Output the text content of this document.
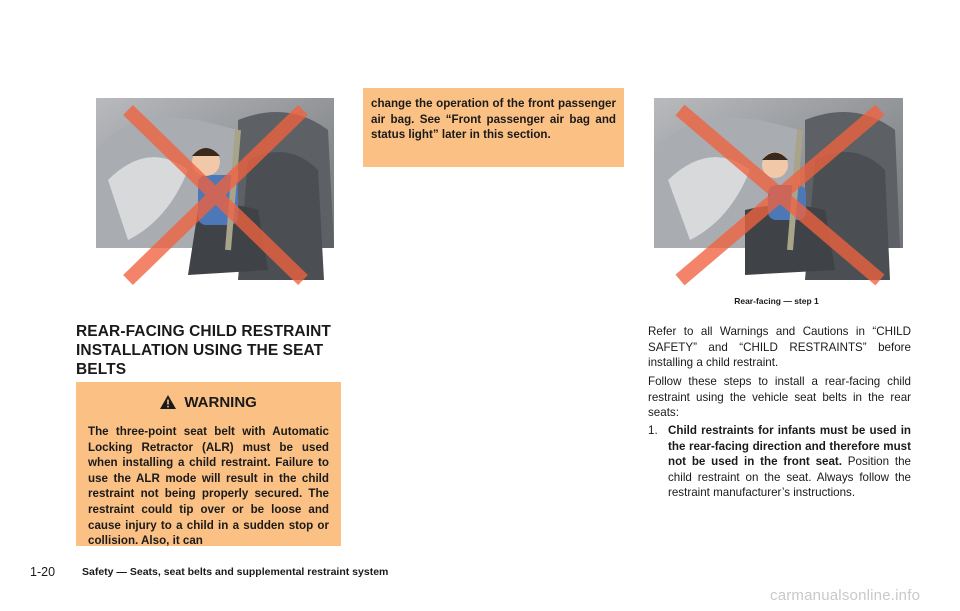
REAR-FACING CHILD RESTRAINT INSTALLATION USING THE SEAT BELTS
WARNING
The three-point seat belt with Automatic Locking Retractor (ALR) must be used when installing a child restraint. Failure to use the ALR mode will result in the child restraint not being properly secured. The restraint could tip over or be loose and cause injury to a child in a sudden stop or collision. Also, it can
change the operation of the front passenger air bag. See “Front passenger air bag and status light” later in this section.
Rear-facing — step 1
Refer to all Warnings and Cautions in “CHILD SAFETY” and “CHILD RESTRAINTS” before installing a child restraint.
Follow these steps to install a rear-facing child restraint using the vehicle seat belts in the rear seats:
1. Child restraints for infants must be used in the rear-facing direction and therefore must not be used in the front seat. Position the child restraint on the seat. Always follow the restraint manufacturer’s instructions.
1-20	Safety — Seats, seat belts and supplemental restraint system
carmanualsonline.info
